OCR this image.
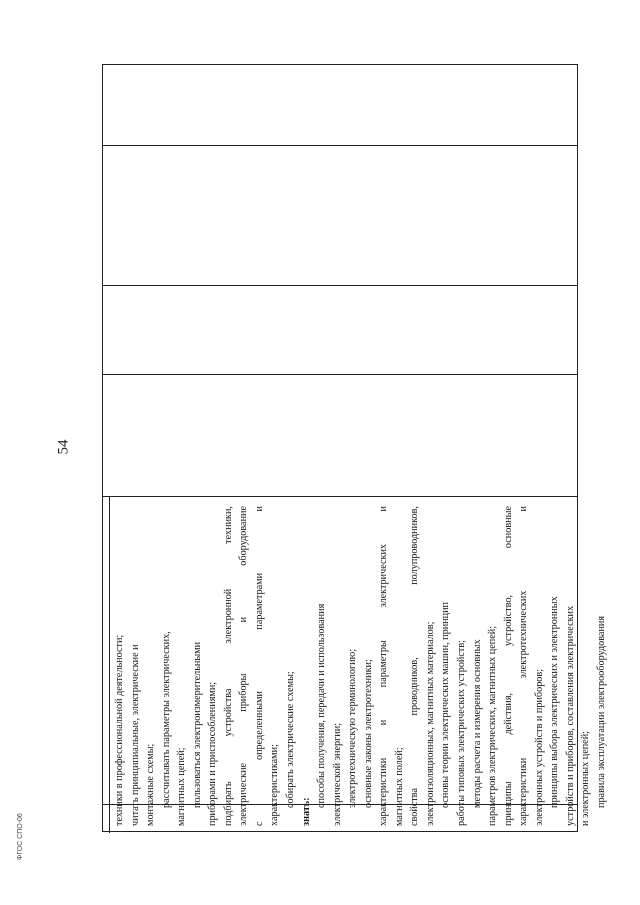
54
техники в профессиональной деятельности; читать принципиальные, электрические и монтажные схемы; рассчитывать параметры электрических, магнитных цепей; пользоваться электроизмерительными приборами и приспособлениями; подбирать
устройства
электронной
техники,
электрические
приборы
и
оборудование
с
определенными
параметрами
и
характеристиками; собирать электрические схемы;
знать:
способы получения, передачи и использования электрической энергии; электротехническую терминологию; основные законы электротехники; характеристики
и
параметры
электрических
и
магнитных полей; свойства
проводников,
полупроводников,
электроизоляционных, магнитных материалов; основы теории электрических машин, принцип работы типовых электрических устройств; методы расчета и измерения основных параметров электрических, магнитных цепей; принципы
действия,
устройство,
основные
характеристики
электротехнических
и
электронных устройств и приборов; принципы выбора электрических и электронных устройств и приборов, составления электрических и электронных цепей; правила эксплуатации электрооборудования
ФГОС СПО-06
